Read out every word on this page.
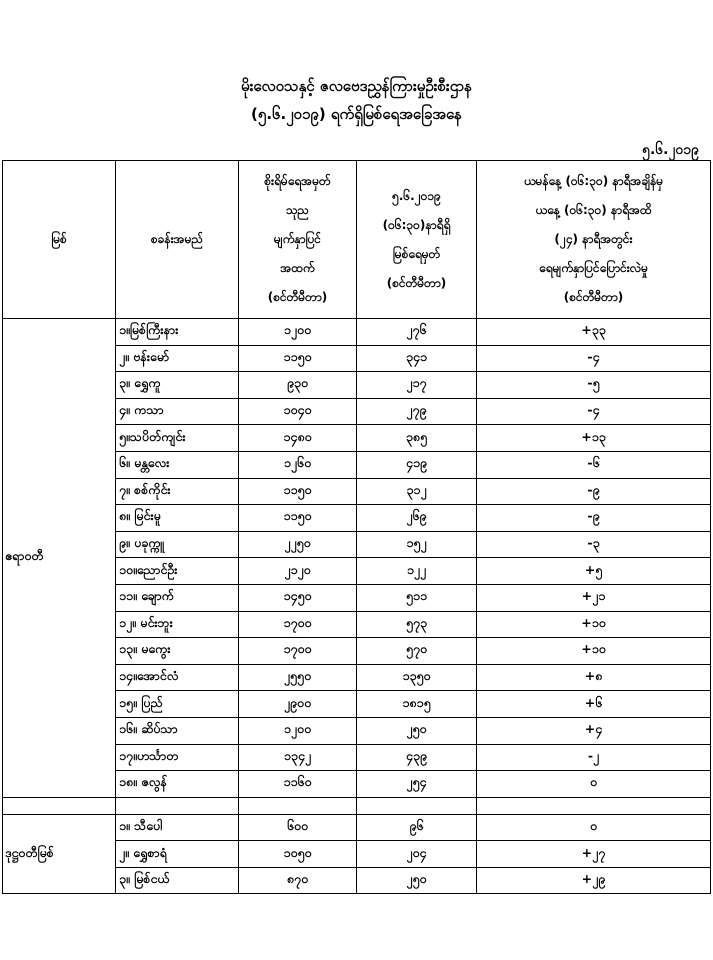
မိုးလေဝသနှင့် ဇလဗေဒညွှန်ကြားမှုဦးစီးဌာန
(၅.၆.၂၀၁၉) ရက်ရှိမြစ်ရေအခြေအနေ
၅.၆.၂၀၁၉
မြစ်	စခန်းအမည်	စိုးရိမ်ရေအမှတ်
သုည
မျက်နှာပြင်
အထက်
(စင်တီမီတာ)	၅.၆.၂၀၁၉
(၀၆:၃၀)နာရီရှိ
မြစ်ရေမှတ်
(စင်တီမီတာ)	ယမန်နေ့ (၀၆:၃၀) နာရီအချိန်မှ
ယနေ့ (၀၆:၃၀) နာရီအထိ
(၂၄) နာရီအတွင်း
ရေမျက်နှာပြင်ပြောင်းလဲမှု
(စင်တီမီတာ)

ဧရာဝတီ	၁။မြစ်ကြီးနား	၁၂၀၀	၂၇၆	+၃၃
	၂။ ဗန်းမော်	၁၁၅၀	၃၄၁	-၄
	၃။ ရွှေကူ	၉၃၀	၂၁၇	-၅
	၄။ ကသာ	၁၀၄၀	၂၇၉	-၄
	၅။သပိတ်ကျင်း	၁၄၈၀	၃၈၅	+၁၃
	၆။ မန္တလေး	၁၂၆၀	၄၁၉	-၆
	၇။ စစ်ကိုင်း	၁၁၅၀	၃၁၂	-၉
	၈။ မြင်းမူ	၁၁၅၀	၂၆၉	-၉
	၉။ ပခုက္ကူ	၂၂၅၀	၁၅၂	-၃
	၁၀။ညောင်ဦး	၂၁၂၀	၁၂၂	+၅
	၁၁။ ချောက်	၁၄၅၀	၅၁၁	+၂၁
	၁၂။ မင်းဘူး	၁၇၀၀	၅၇၃	+၁၀
	၁၃။ မကွေး	၁၇၀၀	၅၇၀	+၁၀
	၁၄။အောင်လံ	၂၅၅၀	၁၃၅၀	+၈
	၁၅။ ပြည်	၂၉၀၀	၁၈၁၅	+၆
	၁၆။ ဆိပ်သာ	၁၂၀၀	၂၅၀	+၄
	၁၇။ဟင်္သာတ	၁၃၄၂	၄၃၉	-၂
	၁၈။ ဇလွန်	၁၁၆၀	၂၅၄	၀

ဒုဋ္ဌဝတီမြစ်	၁။ သီပေါ	၆၀၀	၉၆	၀
	၂။ ရွှေစာရံ	၁၀၅၀	၂၀၄	+၂၇
	၃။ မြစ်ငယ်	၈၇၀	၂၅၀	+၂၉
